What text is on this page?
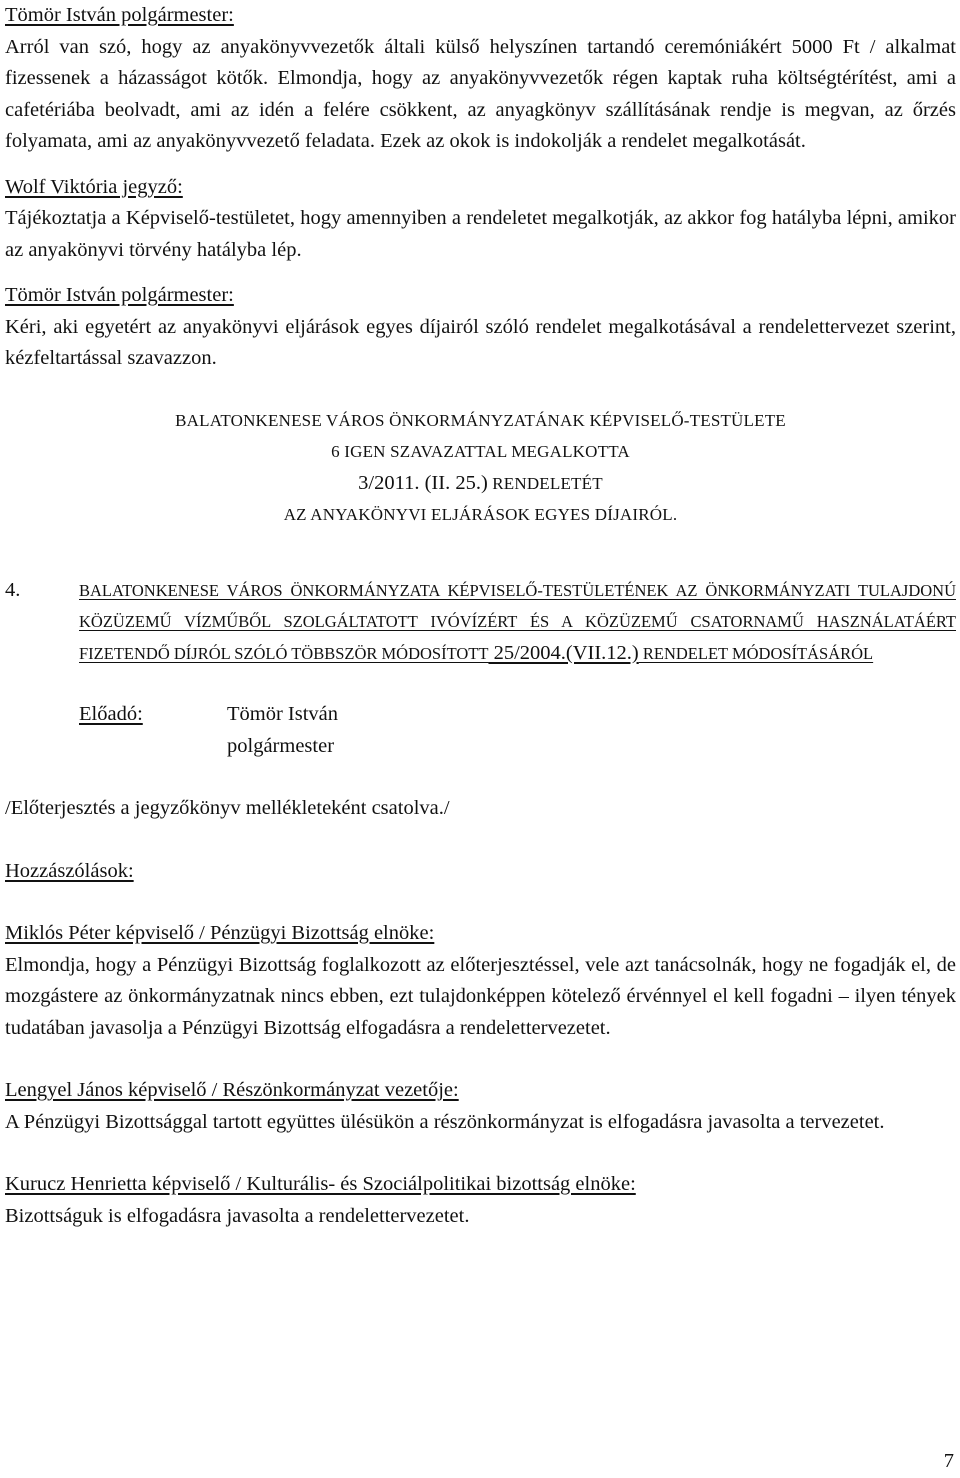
Tömör István polgármester:

Arról van szó, hogy az anyakönyvvezetők általi külső helyszínen tartandó ceremóniákért 5000 Ft / alkalmat fizessenek a házasságot kötők. Elmondja, hogy az anyakönyvvezetők régen kaptak ruha költségtérítést, ami a cafetériába beolvadt, ami az idén a felére csökkent, az anyagkönyv szállításának rendje is megvan, az őrzés folyamata, ami az anyakönyvvezető feladata. Ezek az okok is indokolják a rendelet megalkotását.

Wolf Viktória jegyző:

Tájékoztatja a Képviselő-testületet, hogy amennyiben a rendeletet megalkotják, az akkor fog hatályba lépni, amikor az anyakönyvi törvény hatályba lép.

Tömör István polgármester:

Kéri, aki egyetért az anyakönyvi eljárások egyes díjairól szóló rendelet megalkotásával a rendelettervezet szerint, kézfeltartással szavazzon.

BALATONKENESE VÁROS ÖNKORMÁNYZATÁNAK KÉPVISELŐ-TESTÜLETE

6 IGEN SZAVAZATTAL MEGALKOTTA

3/2011. (II. 25.) RENDELETÉT

AZ ANYAKÖNYVI ELJÁRÁSOK EGYES DÍJAIRÓL.

4.	BALATONKENESE VÁROS ÖNKORMÁNYZATA KÉPVISELŐ-TESTÜLETÉNEK AZ ÖNKORMÁNYZATI TULAJDONÚ KÖZÜZEMŰ VÍZMŰBŐL SZOLGÁLTATOTT IVÓVÍZÉRT ÉS A KÖZÜZEMŰ CSATORNAMŰ HASZNÁLATÁÉRT FIZETENDŐ DÍJRÓL SZÓLÓ TÖBBSZÖR MÓDOSÍTOTT 25/2004.(VII.12.) RENDELET MÓDOSÍTÁSÁRÓL
Előadó:	Tömör István

polgármester

/Előterjesztés a jegyzőkönyv mellékleteként csatolva./

Hozzászólások:

Miklós Péter képviselő / Pénzügyi Bizottság elnöke:

Elmondja, hogy a Pénzügyi Bizottság foglalkozott az előterjesztéssel, vele azt tanácsolnák, hogy ne fogadják el, de mozgástere az önkormányzatnak nincs ebben, ezt tulajdonképpen kötelező érvénnyel el kell fogadni – ilyen tények tudatában javasolja a Pénzügyi Bizottság elfogadásra a rendelettervezetet.

Lengyel János képviselő / Részönkormányzat vezetője:

A Pénzügyi Bizottsággal tartott együttes ülésükön a részönkormányzat is elfogadásra javasolta a tervezetet.

Kurucz Henrietta képviselő / Kulturális- és Szociálpolitikai bizottság elnöke:

Bizottságuk is elfogadásra javasolta a rendelettervezetet.

7
